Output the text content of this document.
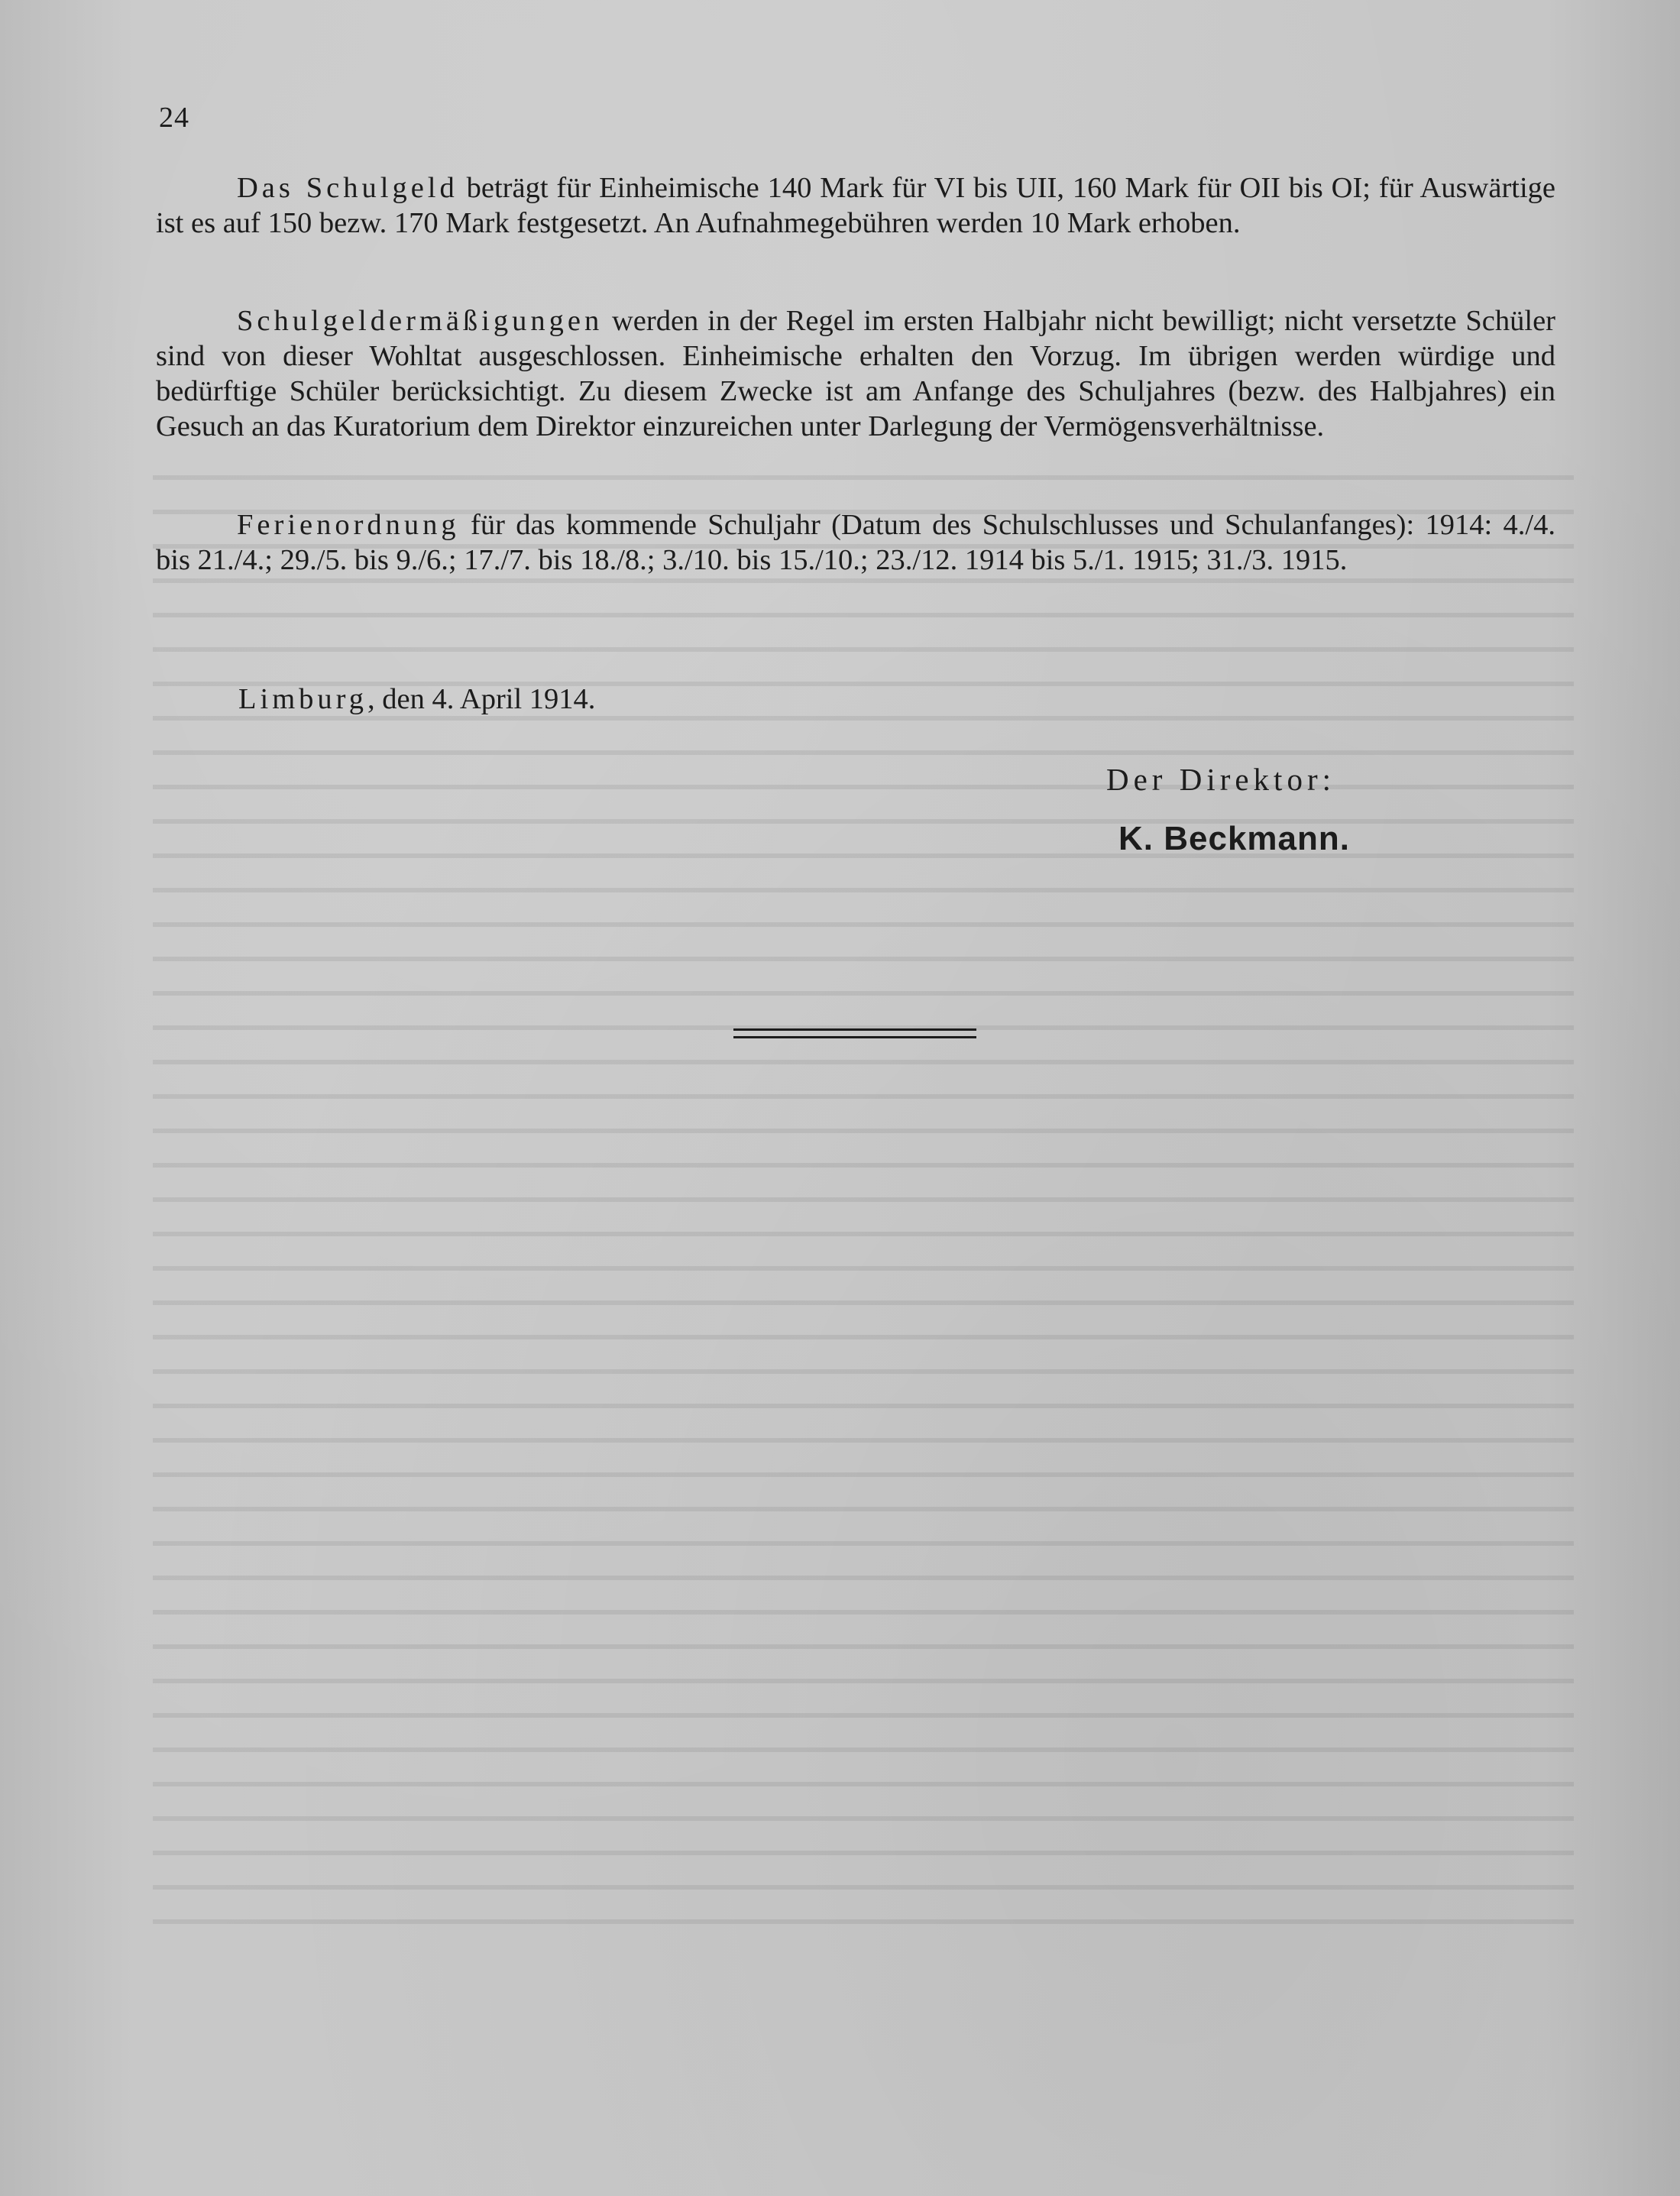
24

Das Schulgeld beträgt für Einheimische 140 Mark für VI bis UII, 160 Mark für OII bis OI; für Auswärtige ist es auf 150 bezw. 170 Mark festgesetzt. An Aufnahmegebühren werden 10 Mark erhoben.

Schulgeldermäßigungen werden in der Regel im ersten Halbjahr nicht bewilligt; nicht versetzte Schüler sind von dieser Wohltat ausgeschlossen. Einheimische erhalten den Vorzug. Im übrigen werden würdige und bedürftige Schüler berücksichtigt. Zu diesem Zwecke ist am Anfange des Schuljahres (bezw. des Halbjahres) ein Gesuch an das Kuratorium dem Direktor einzureichen unter Darlegung der Vermögensverhältnisse.

Ferienordnung für das kommende Schuljahr (Datum des Schulschlusses und Schulanfanges): 1914: 4./4. bis 21./4.; 29./5. bis 9./6.; 17./7. bis 18./8.; 3./10. bis 15./10.; 23./12. 1914 bis 5./1. 1915; 31./3. 1915.

Limburg, den 4. April 1914.
Der Direktor:
K. Beckmann.
